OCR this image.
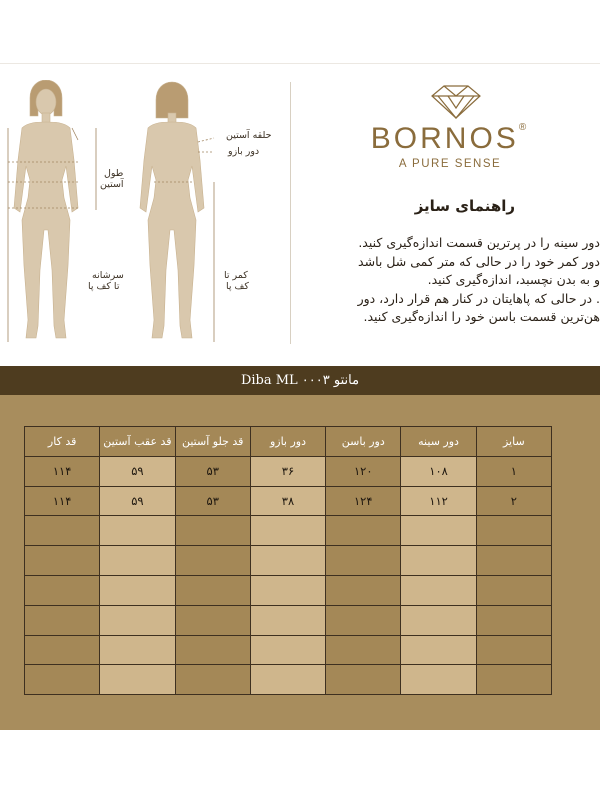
حلقه آستین
دور بازو
طول
آستین
سرشانه
تا کف پا
کمر تا
کف پا
BORNOS®
A PURE SENSE
راهنمای سایز

دور سینه را در پرترین قسمت اندازه‌گیری کنید.

دور کمر خود را در حالی که متر کمی شل باشد

و به بدن نچسبد، اندازه‌گیری کنید.

. در حالی که پاهایتان در کنار هم قرار دارد، دور

هن‌ترین قسمت باسن خود را اندازه‌گیری کنید.

مانتو Diba ML ۰۰۰۳
قد کار	قد عقب آستین	قد جلو آستین	دور بازو	دور باسن	دور سینه	سایز
۱۱۴	۵۹	۵۳	۳۶	۱۲۰	۱۰۸	۱
۱۱۴	۵۹	۵۳	۳۸	۱۲۴	۱۱۲	۲
